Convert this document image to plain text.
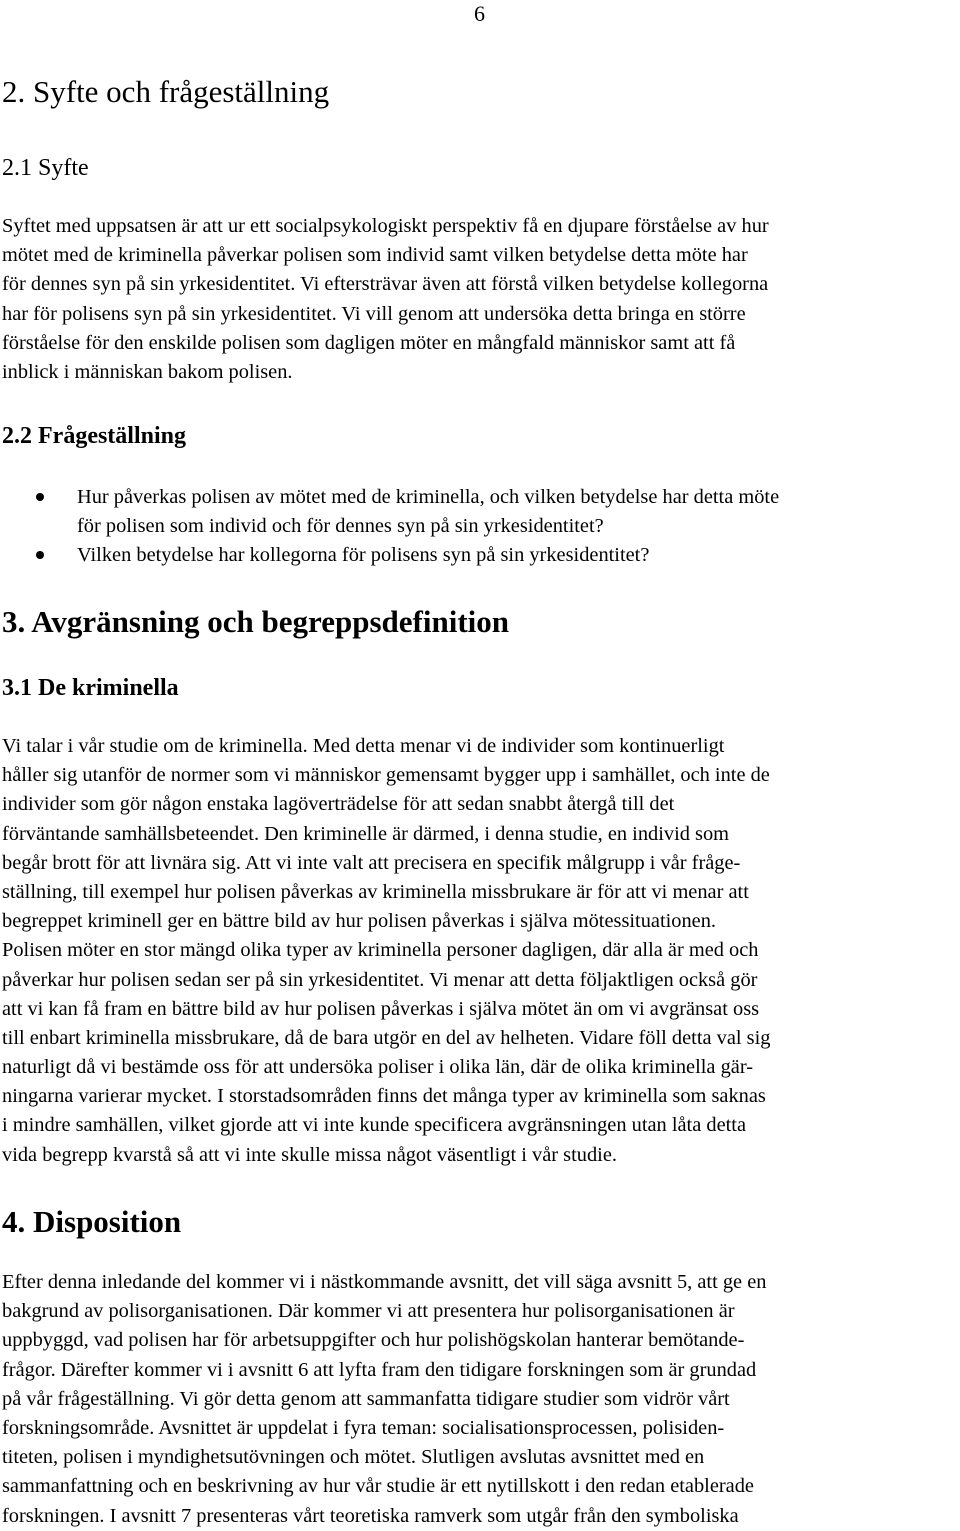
6
2. Syfte och frågeställning
2.1 Syfte
Syftet med uppsatsen är att ur ett socialpsykologiskt perspektiv få en djupare förståelse av hur
mötet med de kriminella påverkar polisen som individ samt vilken betydelse detta möte har
för dennes syn på sin yrkesidentitet. Vi eftersträvar även att förstå vilken betydelse kollegorna
har för polisens syn på sin yrkesidentitet. Vi vill genom att undersöka detta bringa en större
förståelse för den enskilde polisen som dagligen möter en mångfald människor samt att få
inblick i människan bakom polisen.
2.2 Frågeställning
Hur påverkas polisen av mötet med de kriminella, och vilken betydelse har detta möte
för polisen som individ och för dennes syn på sin yrkesidentitet?
Vilken betydelse har kollegorna för polisens syn på sin yrkesidentitet?
3. Avgränsning och begreppsdefinition
3.1 De kriminella
Vi talar i vår studie om de kriminella. Med detta menar vi de individer som kontinuerligt
håller sig utanför de normer som vi människor gemensamt bygger upp i samhället, och inte de
individer som gör någon enstaka lagöverträdelse för att sedan snabbt återgå till det
förväntande samhällsbeteendet. Den kriminelle är därmed, i denna studie, en individ som
begår brott för att livnära sig. Att vi inte valt att precisera en specifik målgrupp i vår fråge-
ställning, till exempel hur polisen påverkas av kriminella missbrukare är för att vi menar att
begreppet kriminell ger en bättre bild av hur polisen påverkas i själva mötessituationen.
Polisen möter en stor mängd olika typer av kriminella personer dagligen, där alla är med och
påverkar hur polisen sedan ser på sin yrkesidentitet. Vi menar att detta följaktligen också gör
att vi kan få fram en bättre bild av hur polisen påverkas i själva mötet än om vi avgränsat oss
till enbart kriminella missbrukare, då de bara utgör en del av helheten. Vidare föll detta val sig
naturligt då vi bestämde oss för att undersöka poliser i olika län, där de olika kriminella gär-
ningarna varierar mycket. I storstadsområden finns det många typer av kriminella som saknas
i mindre samhällen, vilket gjorde att vi inte kunde specificera avgränsningen utan låta detta
vida begrepp kvarstå så att vi inte skulle missa något väsentligt i vår studie.
4. Disposition
Efter denna inledande del kommer vi i nästkommande avsnitt, det vill säga avsnitt 5, att ge en
bakgrund av polisorganisationen. Där kommer vi att presentera hur polisorganisationen är
uppbyggd, vad polisen har för arbetsuppgifter och hur polishögskolan hanterar bemötande-
frågor. Därefter kommer vi i avsnitt 6 att lyfta fram den tidigare forskningen som är grundad
på vår frågeställning. Vi gör detta genom att sammanfatta tidigare studier som vidrör vårt
forskningsområde. Avsnittet är uppdelat i fyra teman: socialisationsprocessen, polisiden-
titeten, polisen i myndighetsutövningen och mötet. Slutligen avslutas avsnittet med en
sammanfattning och en beskrivning av hur vår studie är ett nytillskott i den redan etablerade
forskningen. I avsnitt 7 presenteras vårt teoretiska ramverk som utgår från den symboliska
